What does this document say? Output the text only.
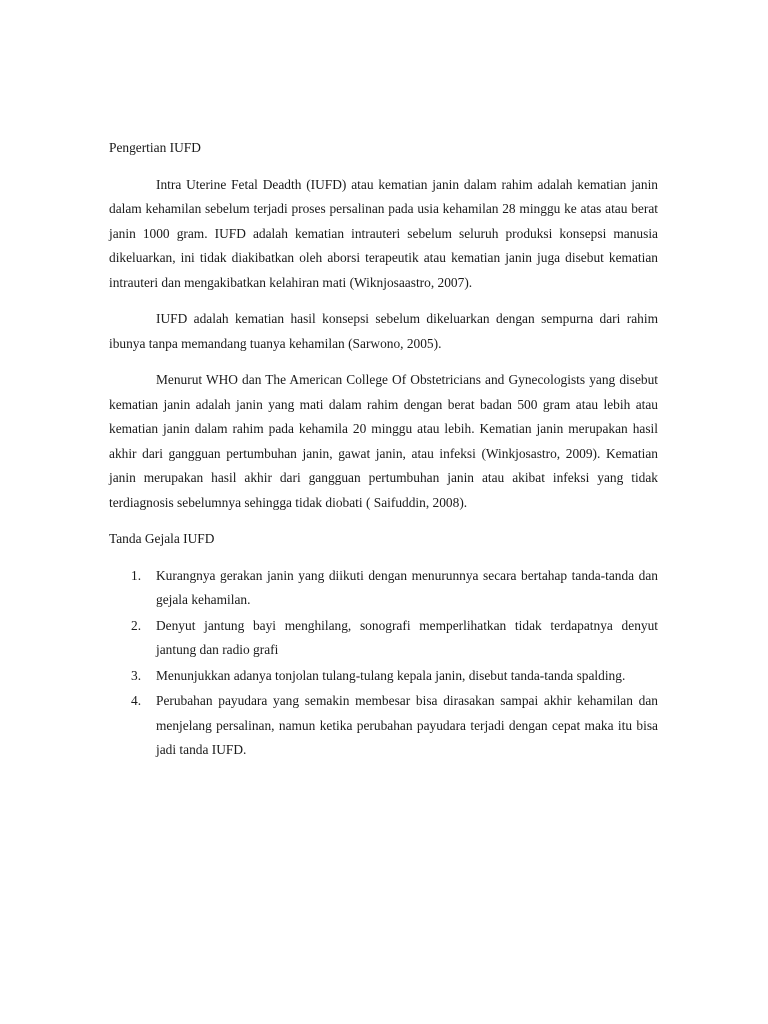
Pengertian IUFD

Intra Uterine Fetal Deadth (IUFD) atau kematian janin dalam rahim adalah kematian janin dalam kehamilan sebelum terjadi proses persalinan pada usia kehamilan 28 minggu ke atas atau berat janin 1000 gram. IUFD adalah kematian intrauteri sebelum seluruh produksi konsepsi manusia dikeluarkan, ini tidak diakibatkan oleh aborsi terapeutik atau kematian janin juga disebut kematian intrauteri dan mengakibatkan kelahiran mati (Wiknjosaastro, 2007).

IUFD adalah kematian hasil konsepsi sebelum dikeluarkan dengan sempurna dari rahim ibunya tanpa memandang tuanya kehamilan (Sarwono, 2005).

Menurut WHO dan The American College Of Obstetricians and Gynecologists yang disebut kematian janin adalah janin yang mati dalam rahim dengan berat badan 500 gram atau lebih atau kematian janin dalam rahim pada kehamila 20 minggu atau lebih. Kematian janin merupakan hasil akhir dari gangguan pertumbuhan janin, gawat janin, atau infeksi (Winkjosastro, 2009). Kematian janin merupakan hasil akhir dari gangguan pertumbuhan janin atau akibat infeksi yang tidak terdiagnosis sebelumnya sehingga tidak diobati ( Saifuddin, 2008).

Tanda Gejala IUFD

1. Kurangnya gerakan janin yang diikuti dengan menurunnya secara bertahap tanda-tanda dan gejala kehamilan.
2. Denyut jantung bayi menghilang, sonografi memperlihatkan tidak terdapatnya denyut jantung dan radio grafi
3. Menunjukkan adanya tonjolan tulang-tulang kepala janin, disebut tanda-tanda spalding.
4. Perubahan payudara yang semakin membesar bisa dirasakan sampai akhir kehamilan dan menjelang persalinan, namun ketika perubahan payudara terjadi dengan cepat maka itu bisa jadi tanda IUFD.
